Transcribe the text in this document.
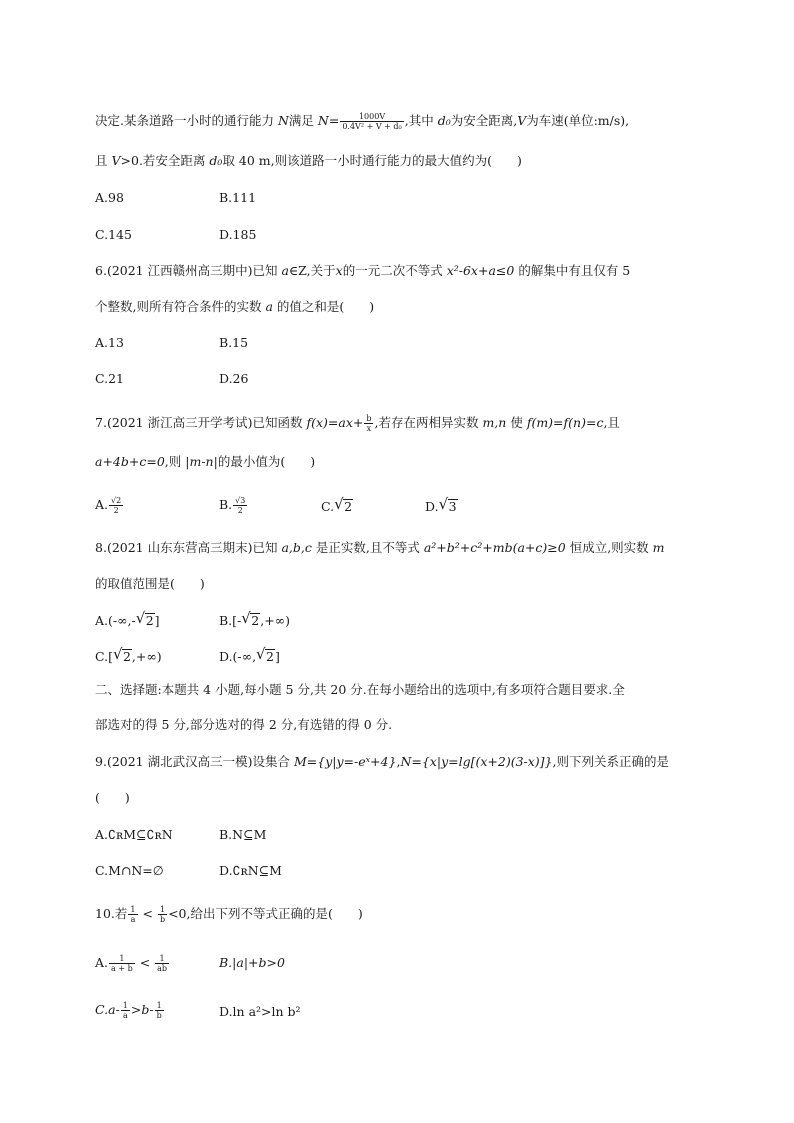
决定.某条道路一小时的通行能力 N满足 $N= \frac{1000V}{\text{0.4V² + V + d₀}}$ ,其中 d₀为安全距离,V为车速(单位:m/s),
且 V>0.若安全距离 d₀取 40 m,则该道路一小时通行能力的最大值约为(　　)
A.98	B.111
C.145	D.185
6.(2021 江西赣州高三期中)已知 a∈Z,关于x的一元二次不等式 x²-6x+a≤0 的解集中有且仅有 5
个整数,则所有符合条件的实数 a 的值之和是(　　)
A.13	B.15
C.21	D.26
7.(2021 浙江高三开学考试)已知函数 $f(x)=ax+ \frac{b}{x}$ ,若存在两相异实数 m,n 使 f(m)=f(n)=c,且
a+4b+c=0,则 |m-n|的最小值为(　　)
A. $\frac{√2}{2}$	B. $\frac{√3}{2}$	C. √ 2	D. √ 3
8.(2021 山东东营高三期末)已知 a,b,c 是正实数,且不等式 a²+b²+c²+mb(a+c)≥0 恒成立,则实数 m
的取值范围是(　　)
A.(-∞,- √ 2]	B.[- √ 2,+∞)
C.[ √ 2,+∞)	D.(-∞, √ 2]
二、选择题:本题共 4 小题,每小题 5 分,共 20 分.在每小题给出的选项中,有多项符合题目要求.全
部选对的得 5 分,部分选对的得 2 分,有选错的得 0 分.
9.(2021 湖北武汉高三一模)设集合 M={y|y=-eˣ+4},N={x|y=lg[(x+2)(3-x)]},则下列关系正确的是
(　　)
A.∁ʀM⊆∁ʀN	B.N⊆M
C.M∩N=∅	D.∁ʀN⊆M
10.若 $\frac{1}{a} < \frac{1}{b} <0$,给出下列不等式正确的是(　　)
A. $\frac{1}{a + b} < \frac{1}{ab}$	B.|a|+b>0
$C.a- \frac{1}{a} >b- \frac{1}{b}$	D.ln a²>ln b²
